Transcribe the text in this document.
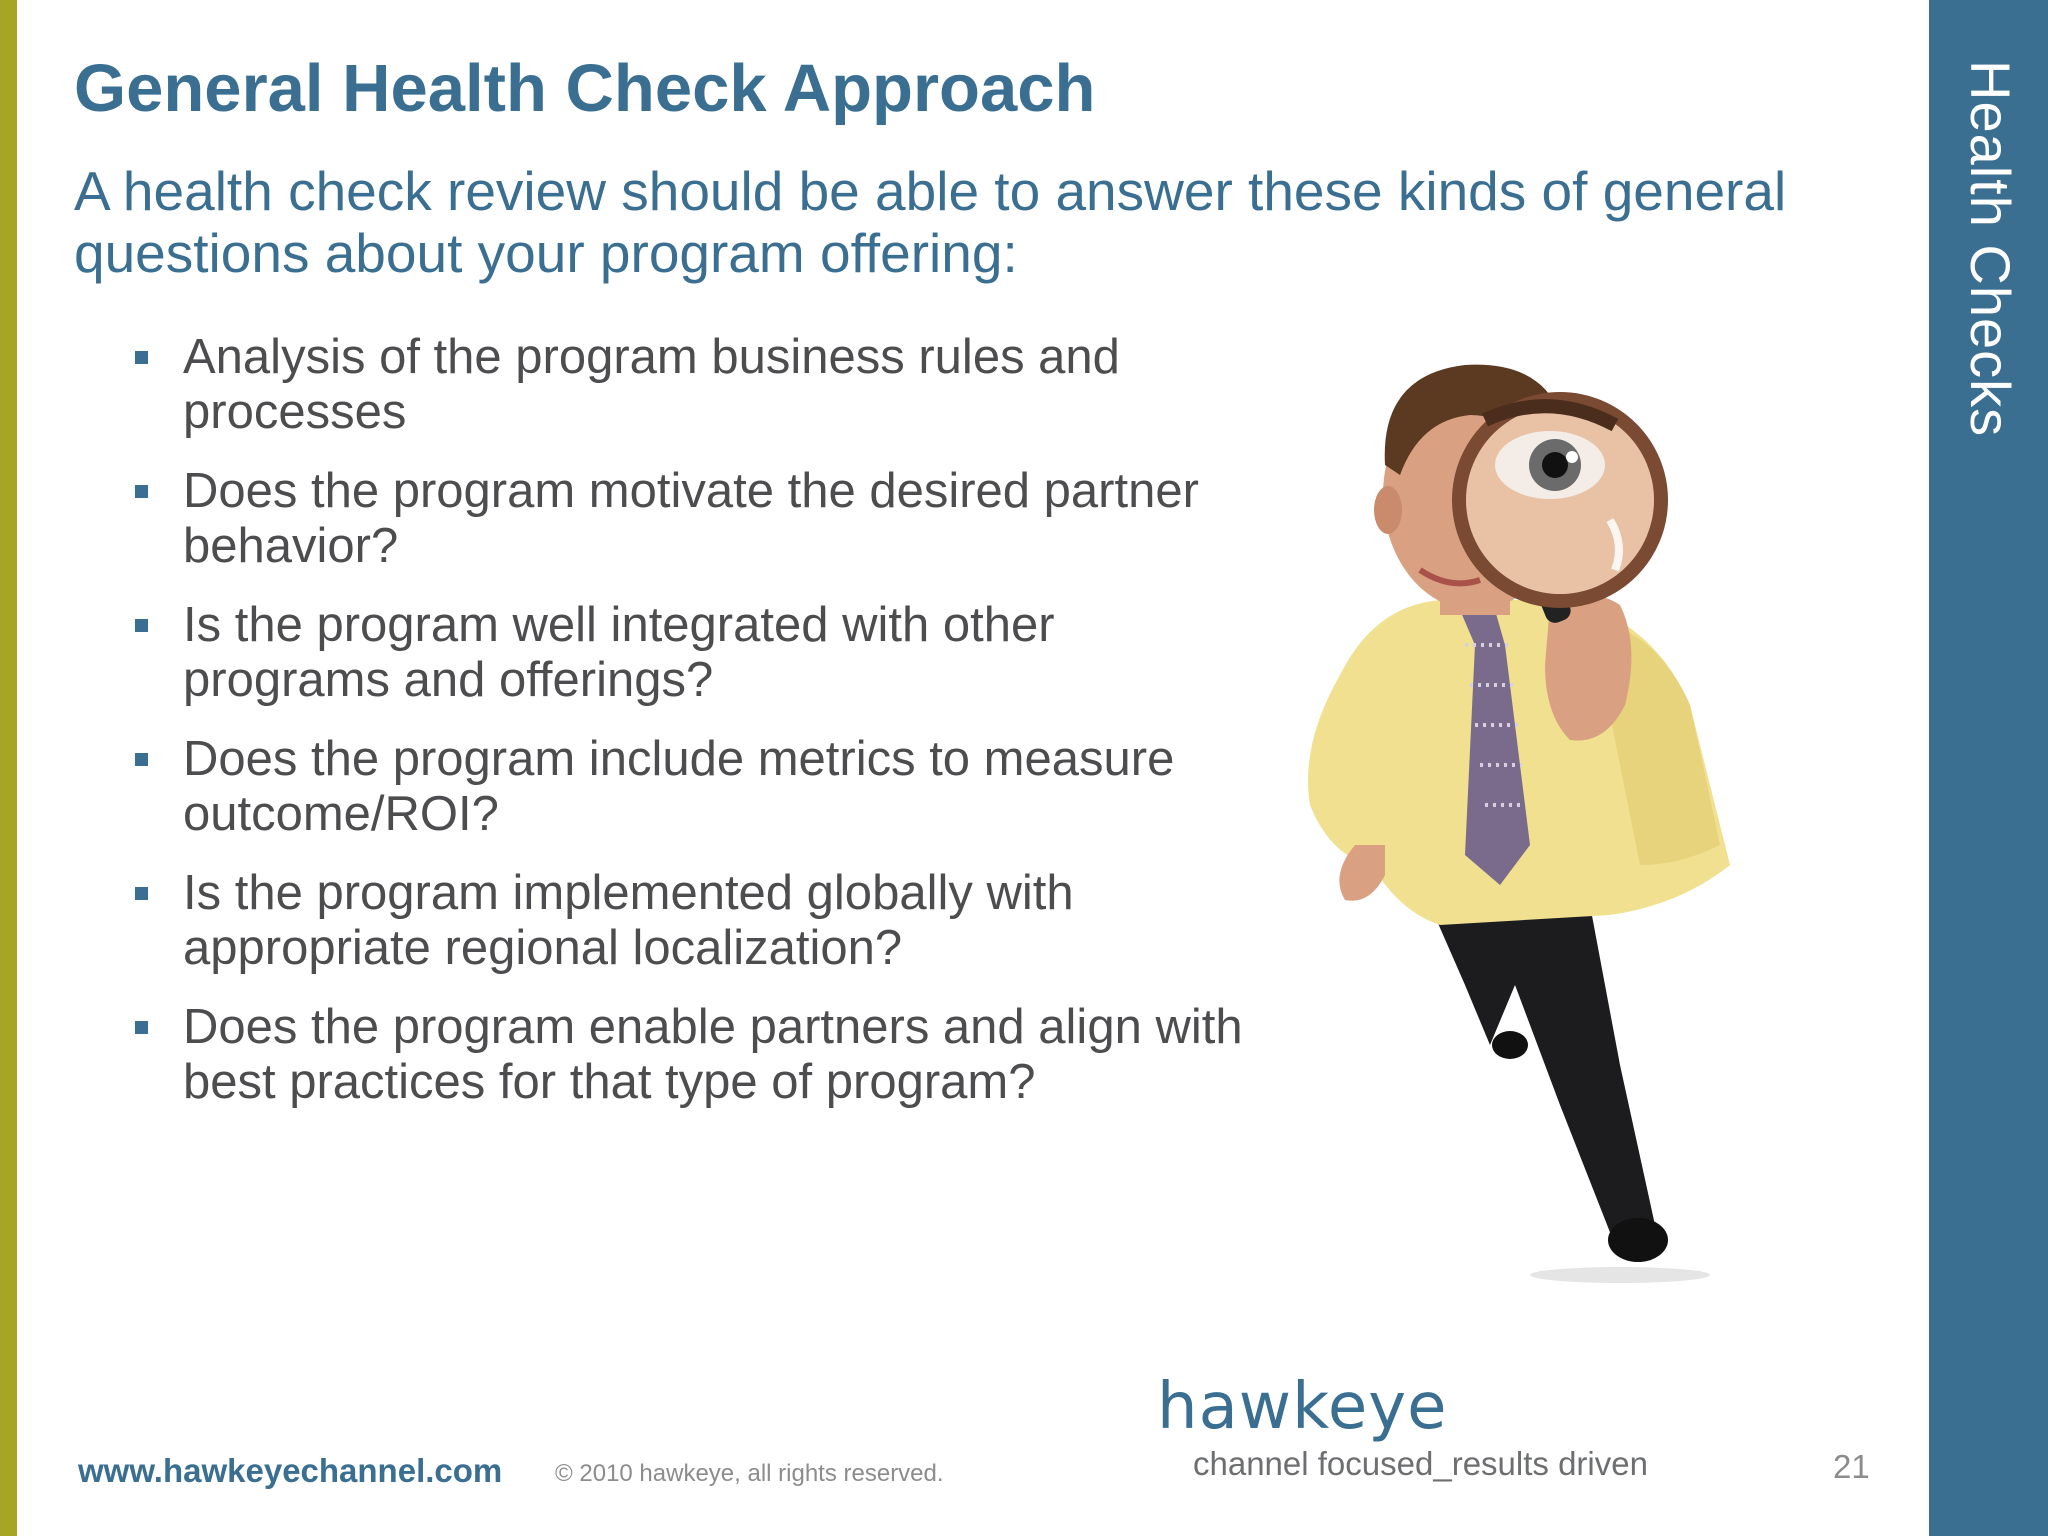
Health Checks
General Health Check Approach

A health check review should be able to answer these kinds of general questions about your program offering:

Analysis of the program business rules and processes
Does the program motivate the desired partner behavior?
Is the program well integrated with other programs and offerings?
Does the program include metrics to measure outcome/ROI?
Is the program implemented globally with appropriate regional localization?
Does the program enable partners and align with best practices for that type of program?
hawkeye
channel focused_results driven
www.hawkeyechannel.com © 2010 hawkeye, all rights reserved.	21
